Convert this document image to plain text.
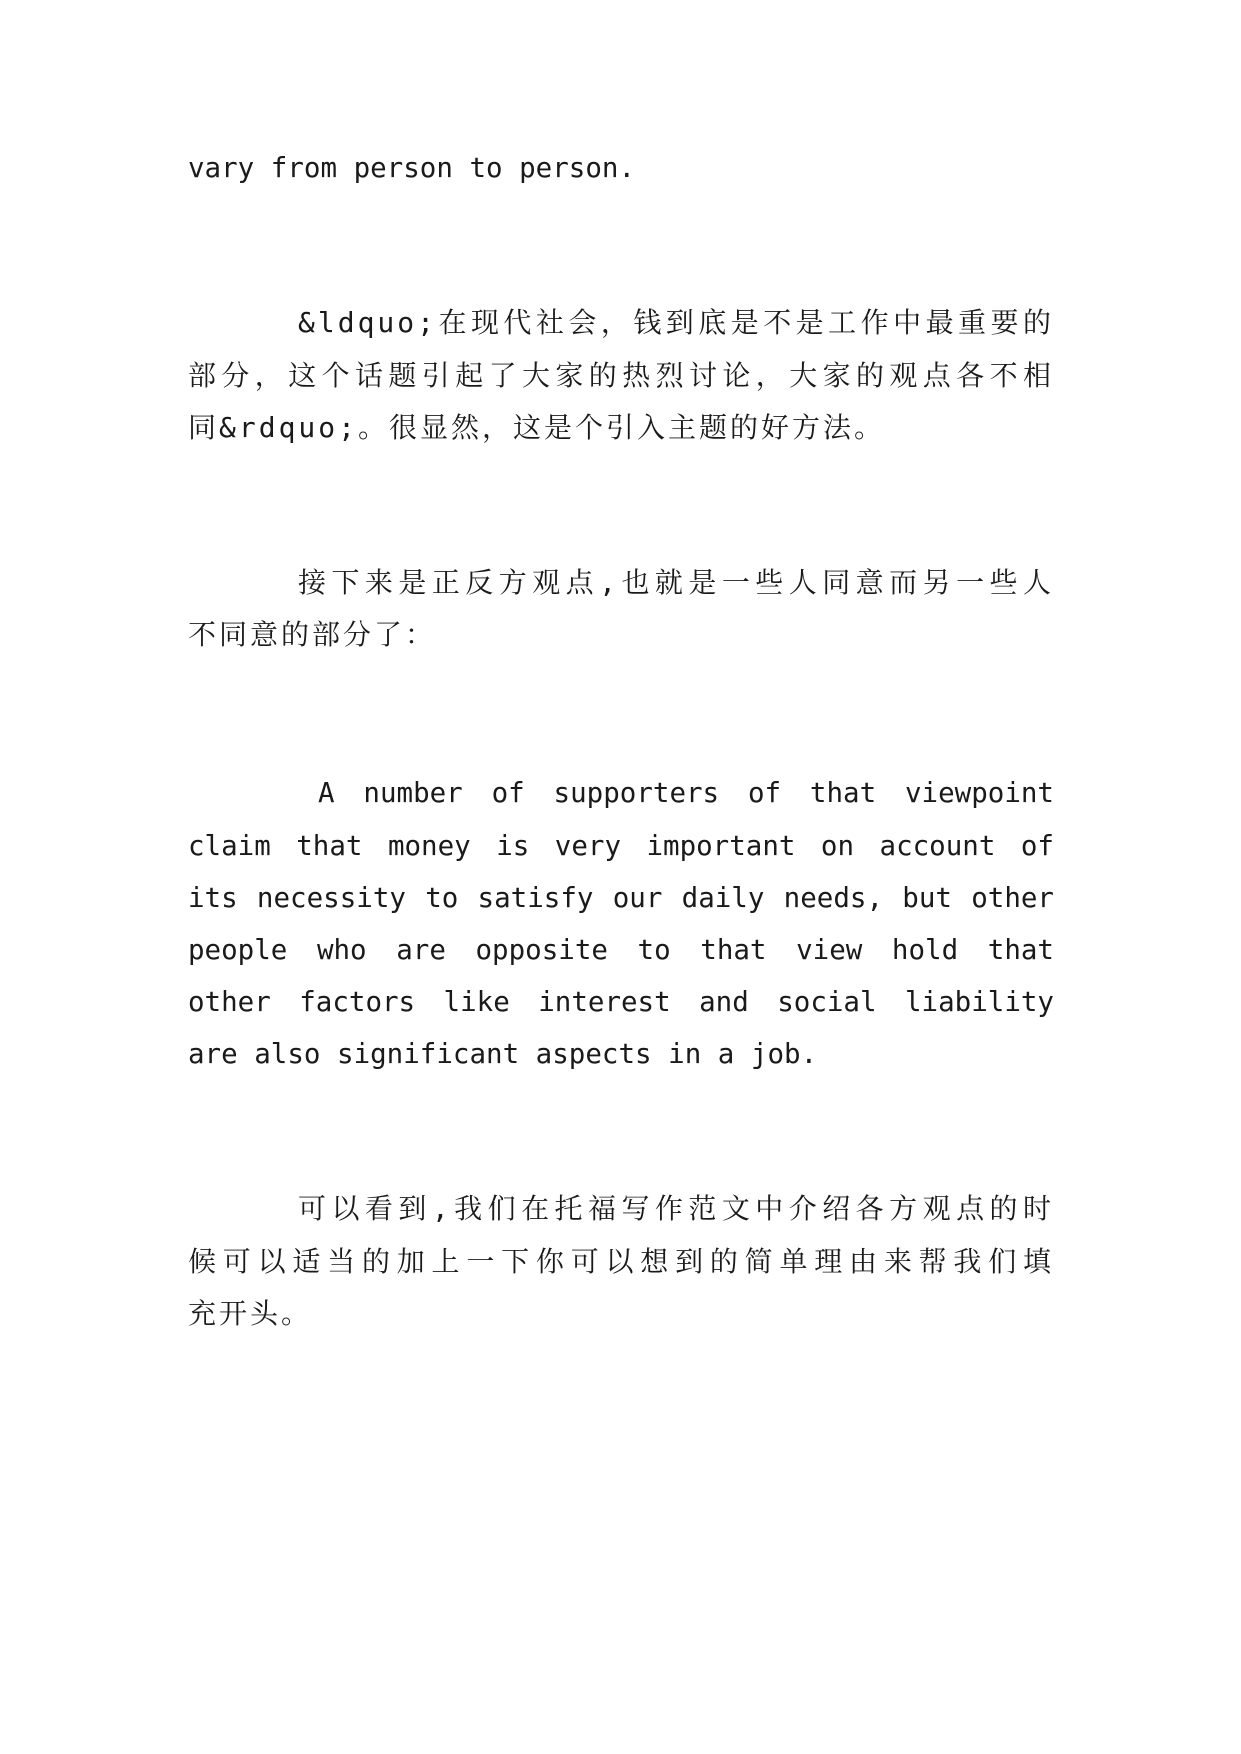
vary from person to person.
&ldquo;在现代社会，钱到底是不是工作中最重要的
部分，这个话题引起了大家的热烈讨论，大家的观点各不相
同&rdquo;。很显然，这是个引入主题的好方法。
接下来是正反方观点,也就是一些人同意而另一些人
不同意的部分了：
A number of supporters of that viewpoint
claim that money is very important on account of
its necessity to satisfy our daily needs, but other
people who are opposite to that view hold that
other factors like interest and social liability
are also significant aspects in a job.
可以看到,我们在托福写作范文中介绍各方观点的时
候可以适当的加上一下你可以想到的简单理由来帮我们填
充开头。
